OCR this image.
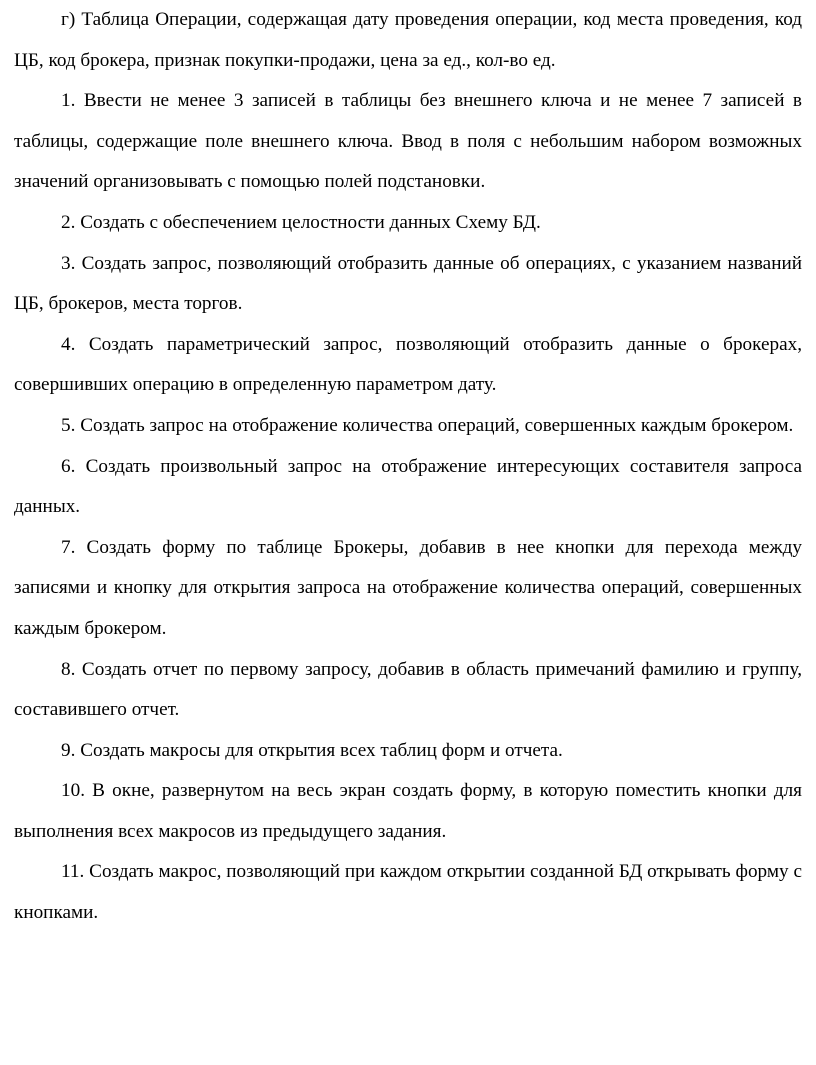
г) Таблица Операции, содержащая дату проведения операции, код места проведения, код ЦБ, код брокера, признак покупки-продажи, цена за ед., кол-во ед.

1. Ввести не менее 3 записей в таблицы без внешнего ключа и не менее 7 записей в таблицы, содержащие поле внешнего ключа. Ввод в поля с небольшим набором возможных значений организовывать с помощью полей подстановки.

2. Создать с обеспечением целостности данных Схему БД.

3. Создать запрос, позволяющий отобразить данные об операциях, с указанием названий ЦБ, брокеров, места торгов.

4. Создать параметрический запрос, позволяющий отобразить данные о брокерах, совершивших операцию в определенную параметром дату.

5. Создать запрос на отображение количества операций, совершенных каждым брокером.

6. Создать произвольный запрос на отображение интересующих составителя запроса данных.

7. Создать форму по таблице Брокеры, добавив в нее кнопки для перехода между записями и кнопку для открытия запроса на отображение количества операций, совершенных каждым брокером.

8. Создать отчет по первому запросу, добавив в область примечаний фамилию и группу, составившего отчет.

9. Создать макросы для открытия всех таблиц форм и отчета.

10. В окне, развернутом на весь экран создать форму, в которую поместить кнопки для выполнения всех макросов из предыдущего задания.

11. Создать макрос, позволяющий при каждом открытии созданной БД открывать форму с кнопками.
